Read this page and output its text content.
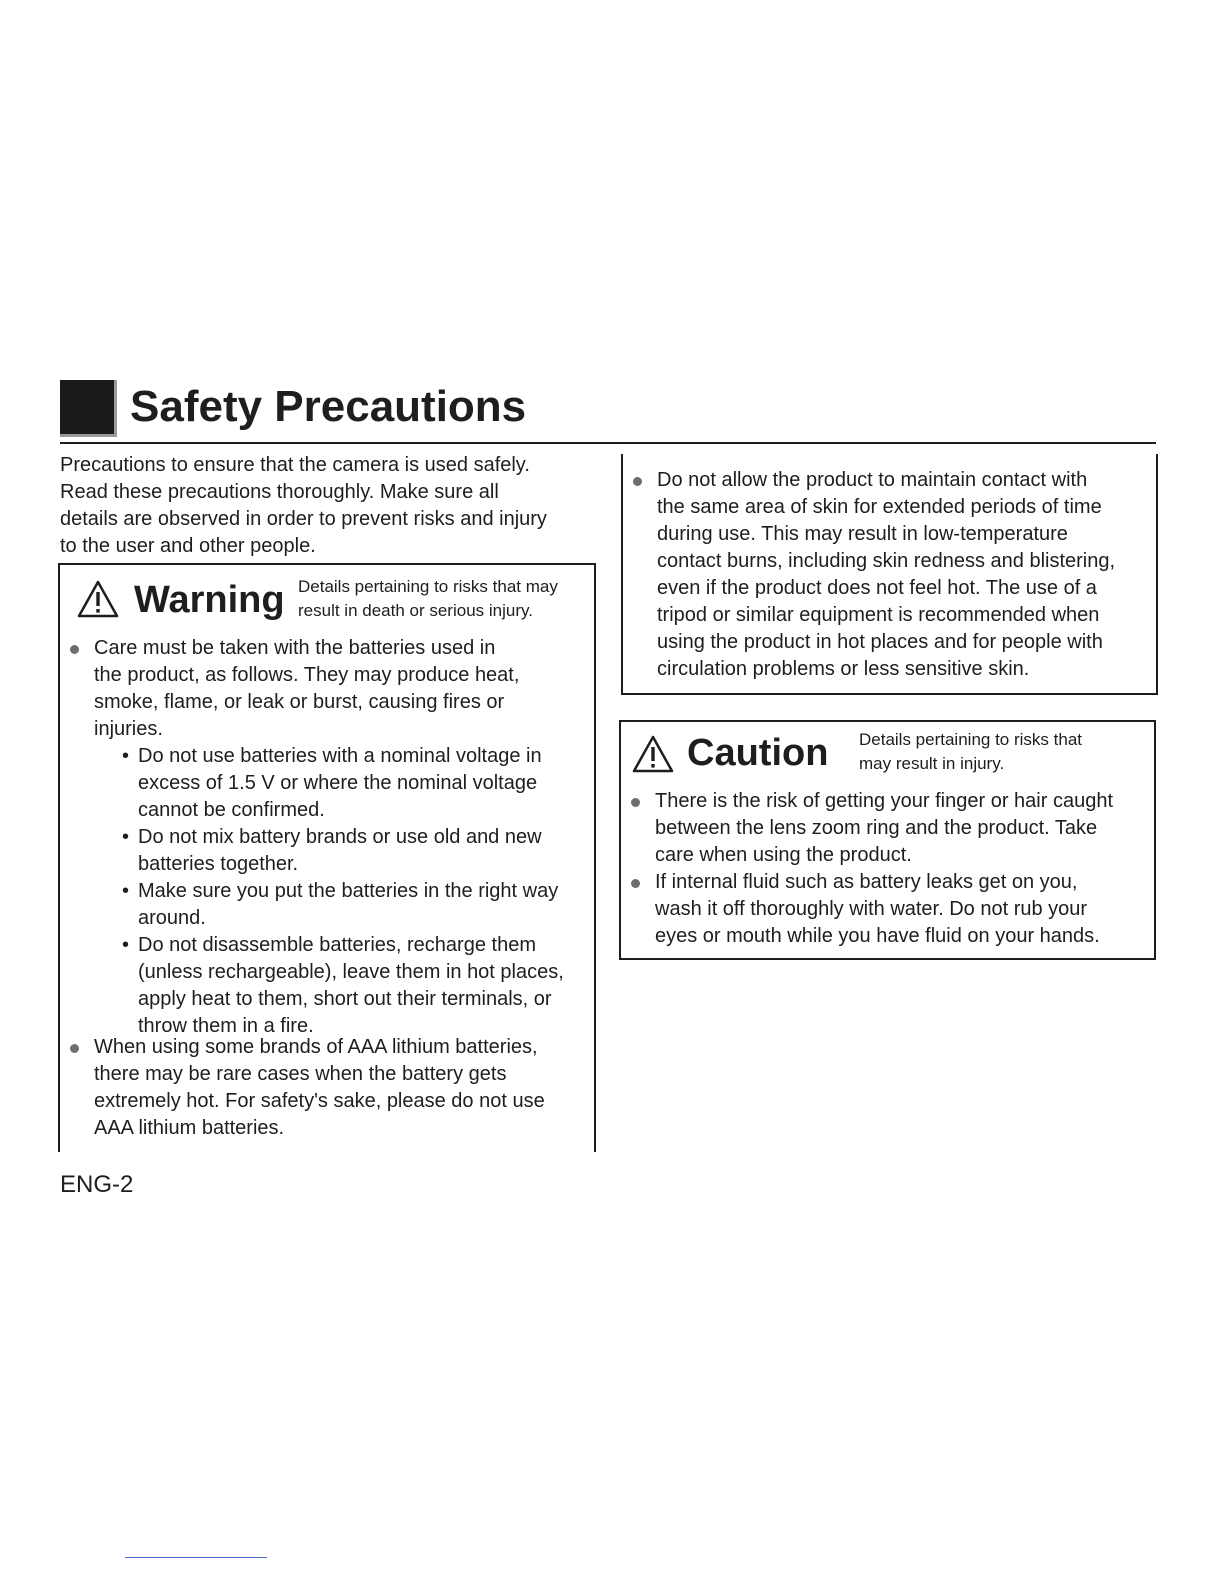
Safety Precautions

Precautions to ensure that the camera is used safely.

Read these precautions thoroughly. Make sure all

details are observed in order to prevent risks and injury

to the user and other people.

Warning Details pertaining to risks that may
result in death or serious injury.
Care must be taken with the batteries used in
the product, as follows. They may produce heat,
smoke, flame, or leak or burst, causing fires or
injuries.
• Do not use batteries with a nominal voltage in
excess of 1.5 V or where the nominal voltage
cannot be confirmed.
• Do not mix battery brands or use old and new
batteries together.
• Make sure you put the batteries in the right way
around.
• Do not disassemble batteries, recharge them
(unless rechargeable), leave them in hot places,
apply heat to them, short out their terminals, or
throw them in a fire.
When using some brands of AAA lithium batteries,
there may be rare cases when the battery gets
extremely hot. For safety's sake, please do not use
AAA lithium batteries.
Do not allow the product to maintain contact with
the same area of skin for extended periods of time
during use. This may result in low-temperature
contact burns, including skin redness and blistering,
even if the product does not feel hot. The use of a
tripod or similar equipment is recommended when
using the product in hot places and for people with
circulation problems or less sensitive skin.
Caution Details pertaining to risks that
may result in injury.
There is the risk of getting your finger or hair caught
between the lens zoom ring and the product. Take
care when using the product.
If internal fluid such as battery leaks get on you,
wash it off thoroughly with water. Do not rub your
eyes or mouth while you have fluid on your hands.
ENG-2
